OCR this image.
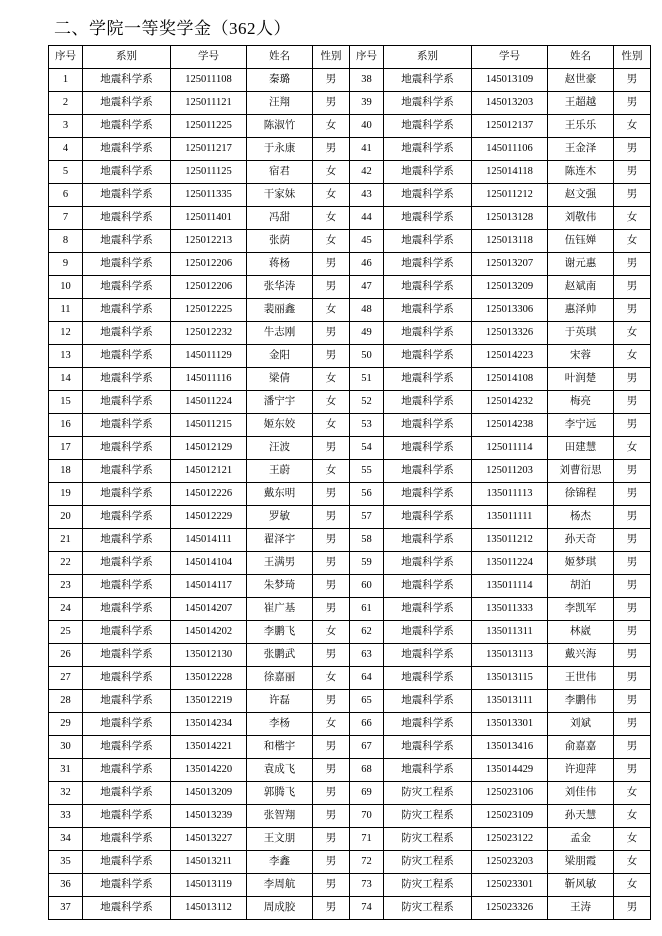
二、学院一等奖学金（362人）
序号	系别	学号	姓名	性别	序号	系别	学号	姓名	性别
1	地震科学系	125011108	秦璐	男	38	地震科学系	145013109	赵世豪	男
2	地震科学系	125011121	汪翔	男	39	地震科学系	145013203	王超越	男
3	地震科学系	125011225	陈淑竹	女	40	地震科学系	125012137	王乐乐	女
4	地震科学系	125011217	于永康	男	41	地震科学系	145011106	王金泽	男
5	地震科学系	125011125	宿君	女	42	地震科学系	125014118	陈连木	男
6	地震科学系	125011335	干家妹	女	43	地震科学系	125011212	赵文强	男
7	地震科学系	125011401	冯甜	女	44	地震科学系	125013128	刘敬伟	女
8	地震科学系	125012213	张荫	女	45	地震科学系	125013118	伍钰婵	女
9	地震科学系	125012206	蒋杨	男	46	地震科学系	125013207	谢元惠	男
10	地震科学系	125012206	张华涛	男	47	地震科学系	125013209	赵斌南	男
11	地震科学系	125012225	裴丽鑫	女	48	地震科学系	125013306	惠泽帅	男
12	地震科学系	125012232	牛志刚	男	49	地震科学系	125013326	于英琪	女
13	地震科学系	145011129	金阳	男	50	地震科学系	125014223	宋蓉	女
14	地震科学系	145011116	梁倩	女	51	地震科学系	125014108	叶润楚	男
15	地震科学系	145011224	潘宁宇	女	52	地震科学系	125014232	梅亮	男
16	地震科学系	145011215	姬东姣	女	53	地震科学系	125014238	李宁远	男
17	地震科学系	145012129	汪波	男	54	地震科学系	125011114	田建慧	女
18	地震科学系	145012121	王蔚	女	55	地震科学系	125011203	刘曹衍思	男
19	地震科学系	145012226	戴东明	男	56	地震科学系	135011113	徐锦程	男
20	地震科学系	145012229	罗敏	男	57	地震科学系	135011111	杨杰	男
21	地震科学系	145014111	翟泽宇	男	58	地震科学系	135011212	孙天奇	男
22	地震科学系	145014104	王满男	男	59	地震科学系	135011224	姬梦琪	男
23	地震科学系	145014117	朱梦琦	男	60	地震科学系	135011114	胡泊	男
24	地震科学系	145014207	崔广基	男	61	地震科学系	135011333	李凯军	男
25	地震科学系	145014202	李鹏飞	女	62	地震科学系	135011311	林崴	男
26	地震科学系	135012130	张鹏武	男	63	地震科学系	135013113	戴兴海	男
27	地震科学系	135012228	徐嘉丽	女	64	地震科学系	135013115	王世伟	男
28	地震科学系	135012219	许磊	男	65	地震科学系	135013111	李鹏伟	男
29	地震科学系	135014234	李杨	女	66	地震科学系	135013301	刘斌	男
30	地震科学系	135014221	和楷宇	男	67	地震科学系	135013416	俞嘉嘉	男
31	地震科学系	135014220	袁成飞	男	68	地震科学系	135014429	许迎萍	男
32	地震科学系	145013209	郭腾飞	男	69	防灾工程系	125023106	刘佳伟	女
33	地震科学系	145013239	张智翔	男	70	防灾工程系	125023109	孙天慧	女
34	地震科学系	145013227	王文朋	男	71	防灾工程系	125023122	孟金	女
35	地震科学系	145013211	李鑫	男	72	防灾工程系	125023203	梁朋霞	女
36	地震科学系	145013119	李周航	男	73	防灾工程系	125023301	靳风敏	女
37	地震科学系	145013112	周成胶	男	74	防灾工程系	125023326	王涛	男
